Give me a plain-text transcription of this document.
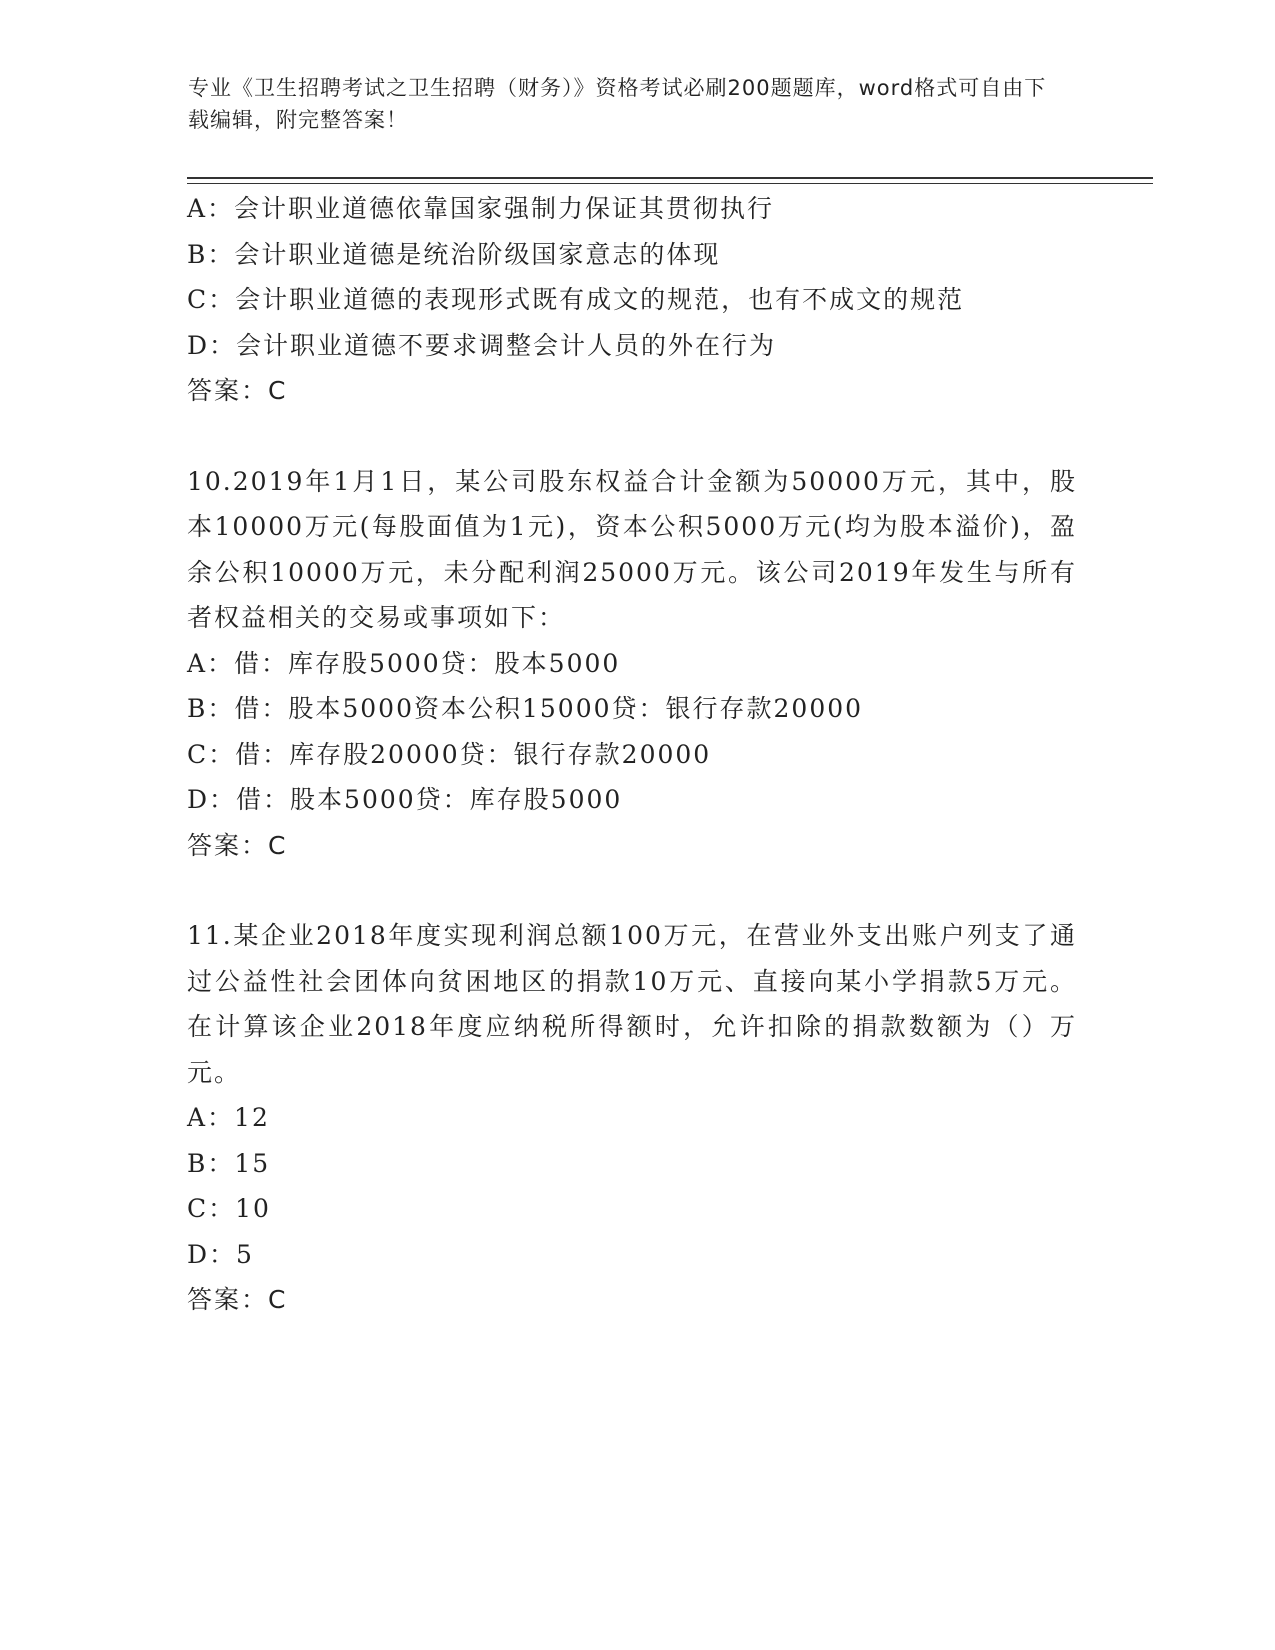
专业《卫生招聘考试之卫生招聘（财务）》资格考试必刷200题题库，word格式可自由下载编辑，附完整答案！
A：会计职业道德依靠国家强制力保证其贯彻执行
B：会计职业道德是统治阶级国家意志的体现
C：会计职业道德的表现形式既有成文的规范，也有不成文的规范
D：会计职业道德不要求调整会计人员的外在行为
答案：C
10.2019年1月1日，某公司股东权益合计金额为50000万元，其中，股本10000万元(每股面值为1元)，资本公积5000万元(均为股本溢价)，盈余公积10000万元，未分配利润25000万元。该公司2019年发生与所有者权益相关的交易或事项如下：
A：借：库存股5000贷：股本5000
B：借：股本5000资本公积15000贷：银行存款20000
C：借：库存股20000贷：银行存款20000
D：借：股本5000贷：库存股5000
答案：C
11.某企业2018年度实现利润总额100万元，在营业外支出账户列支了通过公益性社会团体向贫困地区的捐款10万元、直接向某小学捐款5万元。在计算该企业2018年度应纳税所得额时，允许扣除的捐款数额为（）万元。
A：12
B：15
C：10
D：5
答案：C
